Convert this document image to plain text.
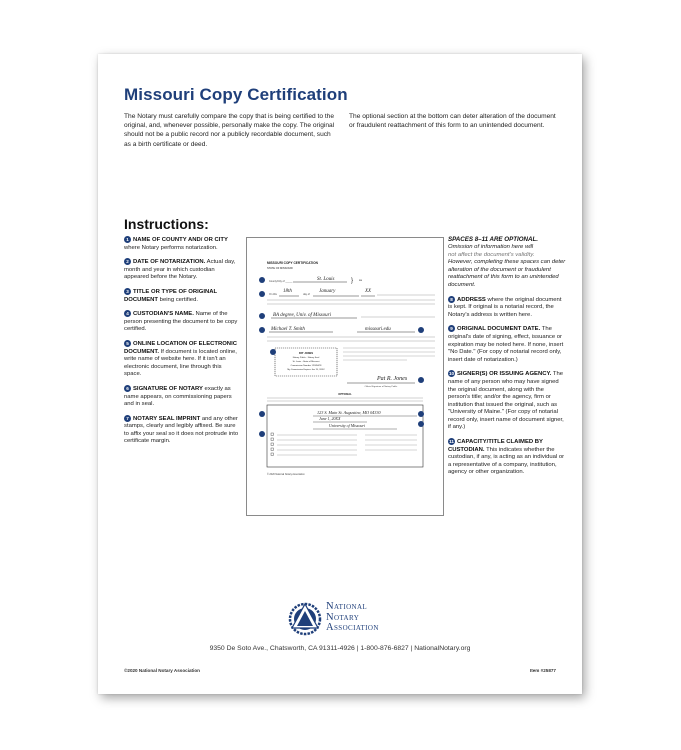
Missouri Copy Certification
The Notary must carefully compare the copy that is being certified to the original, and, whenever possible, personally make the copy. The original should not be a public record nor a publicly recordable document, such as a birth certificate or deed.
The optional section at the bottom can deter alteration of the document or fraudulent reattachment of this form to an unintended document.
Instructions:
1 NAME OF COUNTY AND/ OR CITY where Notary performs notarization.
2 DATE OF NOTARIZATION. Actual day, month and year in which custodian appeared before the Notary.
3 TITLE OR TYPE OF ORIGINAL DOCUMENT being certified.
4 CUSTODIAN'S NAME. Name of the person presenting the document to be copy certified.
5 ONLINE LOCATION OF ELECTRONIC DOCUMENT. If document is located online, write name of website here. If it isn't an electronic document, line through this space.
6 SIGNATURE OF NOTARY exactly as name appears, on commissioning papers and in seal.
7 NOTARY SEAL IMPRINT and any other stamps, clearly and legibly affixed. Be sure to affix your seal so it does not protrude into certificate margin.
MISSOURI COPY CERTIFICATION
STATE OF MISSOURI
County/City of _____	St. Louis	} ss
On this
18th
day of
January	XX
BA degree, Univ. of Missouri
Michael T. Smith	missouri.edu
PAT JONES
Notary Public - Notary Seal
St. Louis - State of Missouri
Commission Number 12345678
My Commission Expires Jan 15, 20XX
Pat R. Jones
Official Signature of Notary Public
OPTIONAL
123 S. Main St. Augustine, MO 04330
June 1, 20XX
University of Missouri
© 2020 National Notary Association
SPACES 8–11 ARE OPTIONAL.
Omission of information here will
not affect the document's validity.
However, completing these spaces can deter alteration of the document or fraudulent reattachment of this form to an unintended document.
8 ADDRESS where the original document is kept. If original is a notarial record, the Notary's address is written here.
9 ORIGINAL DOCUMENT DATE. The original's date of signing, effect, issuance or expiration may be noted here. If none, insert "No Date." (For copy of notarial record only, insert date of notarization.)
10 SIGNER(S) OR ISSUING AGENCY. The name of any person who may have signed the original document, along with the person's title; and/or the agency, firm or institution that issued the original, such as "University of Maine." (For copy of notarial record only, insert name of document signer, if any.)
11 CAPACITY/TITLE CLAIMED BY CUSTODIAN. This indicates whether the custodian, if any, is acting as an individual or a representative of a company, institution, agency or other organization.
National
Notary
Association
9350 De Soto Ave., Chatsworth, CA 91311-4926 | 1-800-876-6827 | NationalNotary.org
©2020 National Notary Association	Item #25877
